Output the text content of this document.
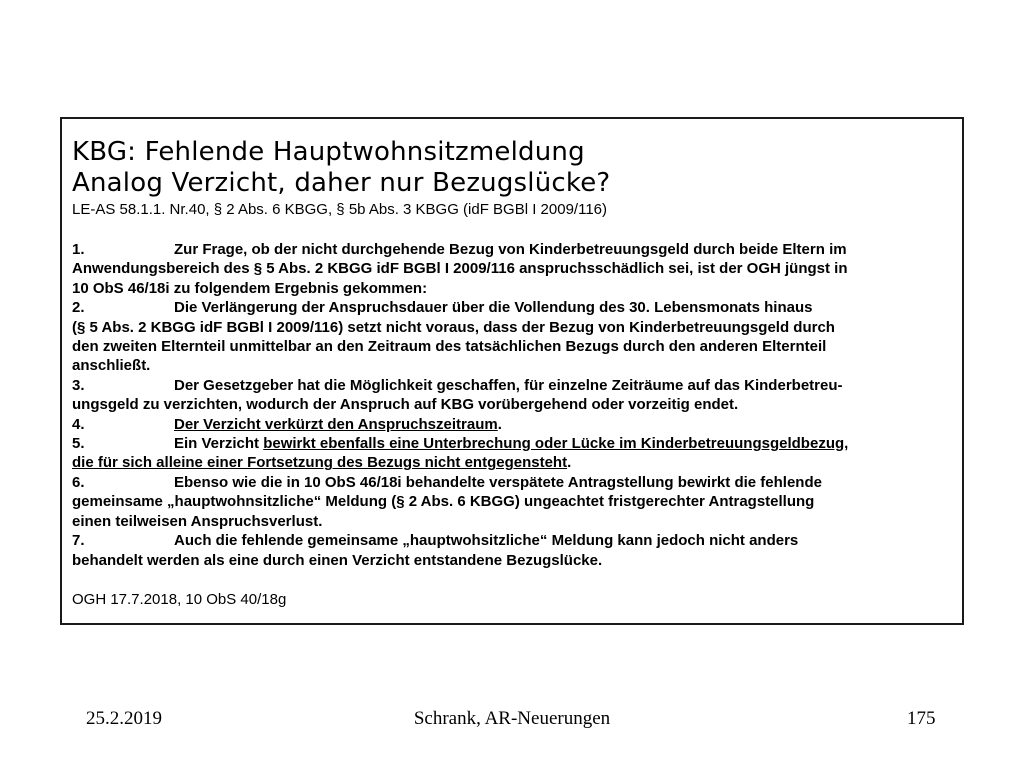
KBG: Fehlende Hauptwohnsitzmeldung
Analog Verzicht, daher nur Bezugslücke?
LE-AS 58.1.1. Nr.40, § 2 Abs. 6 KBGG, § 5b Abs. 3 KBGG (idF BGBl I 2009/116)
1.	Zur Frage, ob der nicht durchgehende Bezug von Kinderbetreuungsgeld durch beide Eltern im
Anwendungsbereich des § 5 Abs. 2 KBGG idF BGBl I 2009/116 anspruchsschädlich sei, ist der OGH jüngst in
10 ObS 46/18i zu folgendem Ergebnis gekommen:
2.	Die Verlängerung der Anspruchsdauer über die Vollendung des 30. Lebensmonats hinaus
(§ 5 Abs. 2 KBGG idF BGBl I 2009/116) setzt nicht voraus, dass der Bezug von Kinderbetreuungsgeld durch
den zweiten Elternteil unmittelbar an den Zeitraum des tatsächlichen Bezugs durch den anderen Elternteil
anschließt.
3.	Der Gesetzgeber hat die Möglichkeit geschaffen, für einzelne Zeiträume auf das Kinderbetreu-
ungsgeld zu verzichten, wodurch der Anspruch auf KBG vorübergehend oder vorzeitig endet.
4.	Der Verzicht verkürzt den Anspruchszeitraum.
5.	Ein Verzicht bewirkt ebenfalls eine Unterbrechung oder Lücke im Kinderbetreuungsgeldbezug,
die für sich alleine einer Fortsetzung des Bezugs nicht entgegensteht.
6.	Ebenso wie die in 10 ObS 46/18i behandelte verspätete Antragstellung bewirkt die fehlende
gemeinsame „hauptwohnsitzliche“ Meldung (§ 2 Abs. 6 KBGG) ungeachtet fristgerechter Antragstellung
einen teilweisen Anspruchsverlust.
7.	Auch die fehlende gemeinsame „hauptwohsitzliche“ Meldung kann jedoch nicht anders
behandelt werden als eine durch einen Verzicht entstandene Bezugslücke.
OGH 17.7.2018, 10 ObS 40/18g
25.2.2019	Schrank, AR-Neuerungen	175
